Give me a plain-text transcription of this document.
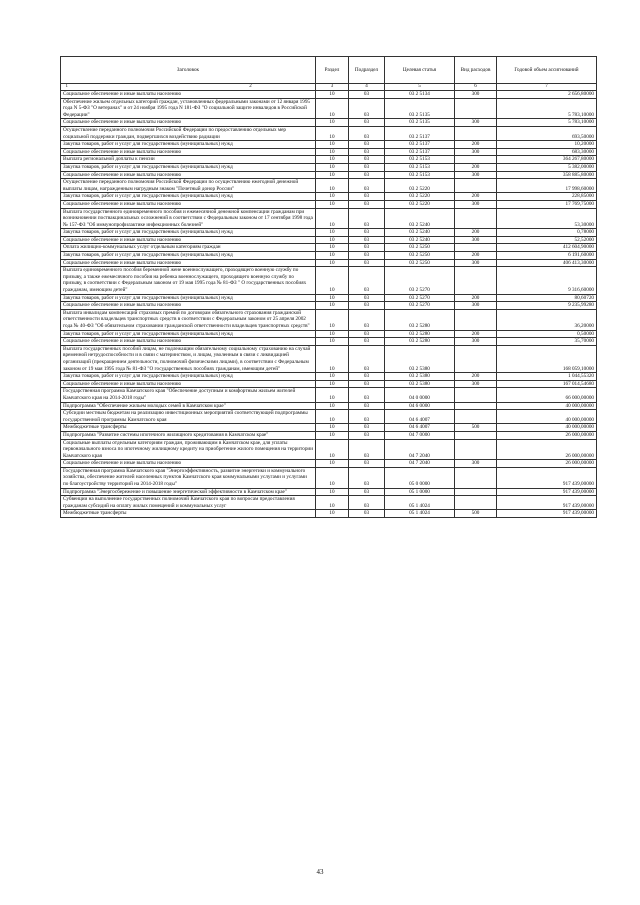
Заголовок	Раздел	Подраздел	Целевая статья	Вид расходов	Годовой объем ассигнований
1 2	3	4	5	6	7
Социальное обеспечение и иные выплаты населению	10	03	03 2 5134	300	2 656,80000
Обеспечение жильем отдельных категорий граждан, установленных федеральными законами от 12 января 1995 года N 5-ФЗ "О ветеранах" и от 24 ноября 1995 года N 181-ФЗ "О социальной защите инвалидов в Российской Федерации"	10	03	03 2 5135		5 783,10000
Социальное обеспечение и иные выплаты населению	10	03	03 2 5135	300	5 783,10000
Осуществление переданного полномочия Российской Федерации по предоставлению отдельных мер социальной поддержки граждан, подвергшихся воздействию радиации	10	03	03 2 5137		693,50000
Закупка товаров, работ и услуг для государственных (муниципальных) нужд	10	03	03 2 5137	200	10,20000
Социальное обеспечение и иные выплаты населению	10	03	03 2 5137	300	683,30000
Выплата региональной доплаты к пенсии	10	03	03 2 5153		364 267,80000
Закупка товаров, работ и услуг для государственных (муниципальных) нужд	10	03	03 2 5153	200	5 382,00000
Социальное обеспечение и иные выплаты населению	10	03	03 2 5153	300	358 885,80000
Осуществление переданного полномочия Российской Федерации по осуществлению ежегодной денежной выплаты лицам, награжденным нагрудным знаком "Почетный донор России"	10	03	03 2 5220		17 998,60000
Закупка товаров, работ и услуг для государственных (муниципальных) нужд	10	03	03 2 5220	200	228,85000
Социальное обеспечение и иные выплаты населению	10	03	03 2 5220	300	17 769,75000
Выплата государственного единовременного пособия и ежемесячной денежной компенсации гражданам при возникновении поствакцинальных осложнений в соответствии с Федеральным законом от 17 сентября 1998 года № 157-ФЗ "Об иммунопрофилактике инфекционных болезней"	10	03	03 2 5240		53,30000
Закупка товаров, работ и услуг для государственных (муниципальных) нужд	10	03	03 2 5240	200	0,78000
Социальное обеспечение и иные выплаты населению	10	03	03 2 5240	300	52,52000
Оплата жилищно-коммунальных услуг отдельным категориям граждан	10	03	03 2 5250		412 604,90000
Закупка товаров, работ и услуг для государственных (муниципальных) нужд	10	03	03 2 5250	200	6 191,60000
Социальное обеспечение и иные выплаты населению	10	03	03 2 5250	300	406 413,30000
Выплата единовременного пособия беременной жене военнослужащего, проходящего военную службу по призыву, а также ежемесячного пособия на ребенка военнослужащего, проходящего военную службу по призыву, в соответствии с Федеральным законом от 19 мая 1995 года № 81-ФЗ " О государственных пособиях гражданам, имеющим детей"	10	03	03 2 5270		9 316,60000
Закупка товаров, работ и услуг для государственных (муниципальных) нужд	10	03	03 2 5270	200	80,60720
Социальное обеспечение и иные выплаты населению	10	03	03 2 5270	300	9 235,99280
Выплата инвалидам компенсаций страховых премий по договорам обязательного страхования гражданской ответственности владельцев транспортных средств в соответствии с Федеральным законом от 25 апреля 2002 года № 40-ФЗ "Об обязательном страховании гражданской ответственности владельцев транспортных средств"	10	03	03 2 5280		36,20000
Закупка товаров, работ и услуг для государственных (муниципальных) нужд	10	03	03 2 5280	200	0,50000
Социальное обеспечение и иные выплаты населению	10	03	03 2 5280	300	35,70000
Выплата государственных пособий лицам, не подлежащим обязательному социальному страхованию на случай временной нетрудоспособности и в связи с материнством, и лицам, уволенным в связи с ликвидацией организаций (прекращением деятельности, полномочий физическими лицами), в соответствии с Федеральным законом от 19 мая 1995 года № 81-ФЗ "О государственных пособиях гражданам, имеющим детей"	10	03	03 2 5380		168 059,10000
Закупка товаров, работ и услуг для государственных (муниципальных) нужд	10	03	03 2 5380	200	1 044,55320
Социальное обеспечение и иные выплаты населению	10	03	03 2 5380	300	167 014,54680
Государственная программа Камчатского края "Обеспечение доступным и комфортным жильем жителей Камчатского края на 2014-2018 годы"	10	03	04 0 0000		66 000,00000
Подпрограмма "Обеспечение жильем молодых семей в Камчатском крае"	10	03	04 6 0000		40 000,00000
Субсидии местным бюджетам на реализацию инвестиционных мероприятий соответствующей подпрограммы государственной программы Камчатского края	10	03	04 6 4007		40 000,00000
Межбюджетные трансферты	10	03	04 6 4007	500	40 000,00000
Подпрограмма "Развитие системы ипотечного жилищного кредитования в Камчатском крае"	10	03	04 7 0000		26 000,00000
Социальные выплаты отдельным категориям граждан, проживающим в Камчатском крае, для уплаты первоначального взноса по ипотечному жилищному кредиту на приобретение жилого помещения на территории Камчатского края	10	03	04 7 2040		26 000,00000
Социальное обеспечение и иные выплаты населению	10	03	04 7 2040	300	26 000,00000
Государственная программа Камчатского края "Энергоэффективность, развитие энергетики и коммунального хозяйства, обеспечение жителей населенных пунктов Камчатского края коммунальными услугами и услугами по благоустройству территорий на 2014-2018 годы"	10	03	05 0 0000		917 439,00000
Подпрограмма "Энергосбережение и повышение энергетической эффективности в Камчатском крае"	10	03	05 1 0000		917 439,00000
Субвенции на выполнение государственных полномочий Камчатского края по вопросам предоставления гражданам субсидий на оплату жилых помещений и коммунальных услуг	10	03	05 1 4024		917 439,00000
Межбюджетные трансферты	10	03	05 1 4024	500	917 439,00000
43
